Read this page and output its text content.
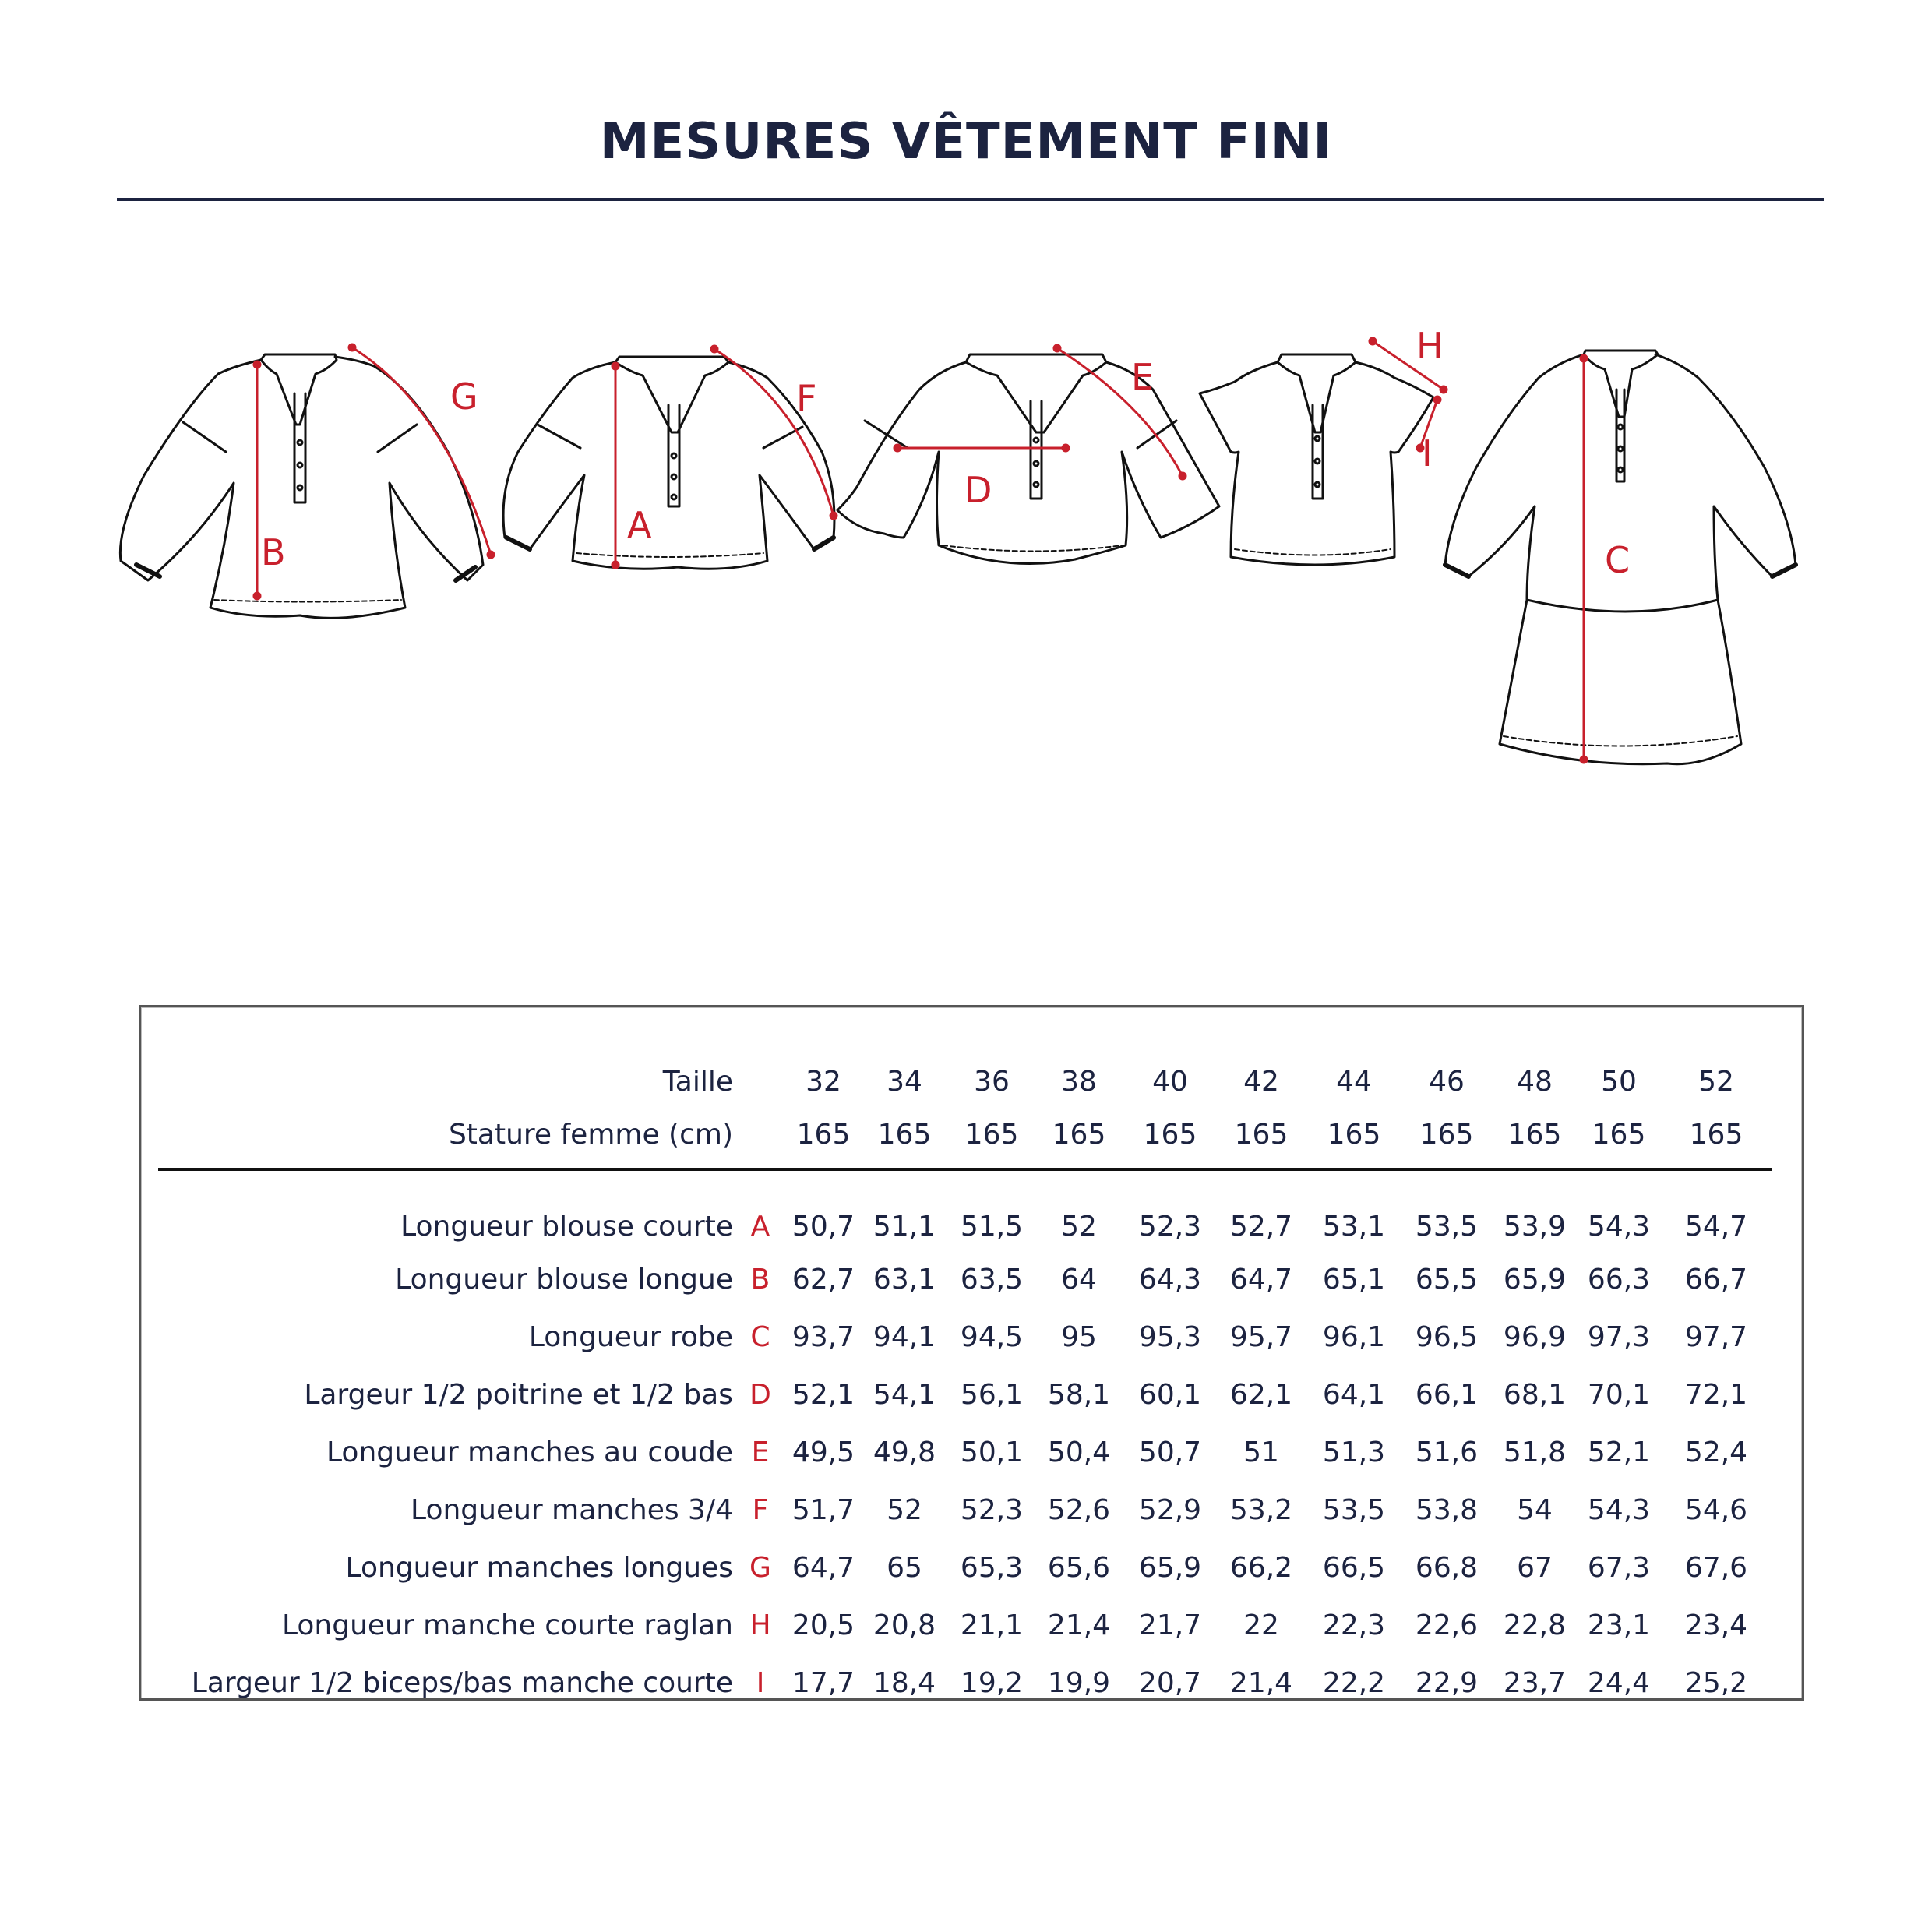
MESURES VÊTEMENT FINI
B
G
A
F
D
E
H
I
C
Taille		32	34	36	38	40	42	44	46	48	50	52
Stature femme (cm)		165	165	165	165	165	165	165	165	165	165	165

Longueur blouse courte	A	50,7	51,1	51,5	52	52,3	52,7	53,1	53,5	53,9	54,3	54,7
Longueur blouse longue	B	62,7	63,1	63,5	64	64,3	64,7	65,1	65,5	65,9	66,3	66,7
Longueur robe	C	93,7	94,1	94,5	95	95,3	95,7	96,1	96,5	96,9	97,3	97,7
Largeur 1/2 poitrine et 1/2 bas	D	52,1	54,1	56,1	58,1	60,1	62,1	64,1	66,1	68,1	70,1	72,1
Longueur manches au coude	E	49,5	49,8	50,1	50,4	50,7	51	51,3	51,6	51,8	52,1	52,4
Longueur manches 3/4	F	51,7	52	52,3	52,6	52,9	53,2	53,5	53,8	54	54,3	54,6
Longueur manches longues	G	64,7	65	65,3	65,6	65,9	66,2	66,5	66,8	67	67,3	67,6
Longueur manche courte raglan	H	20,5	20,8	21,1	21,4	21,7	22	22,3	22,6	22,8	23,1	23,4
Largeur 1/2 biceps/bas manche courte	I	17,7	18,4	19,2	19,9	20,7	21,4	22,2	22,9	23,7	24,4	25,2
